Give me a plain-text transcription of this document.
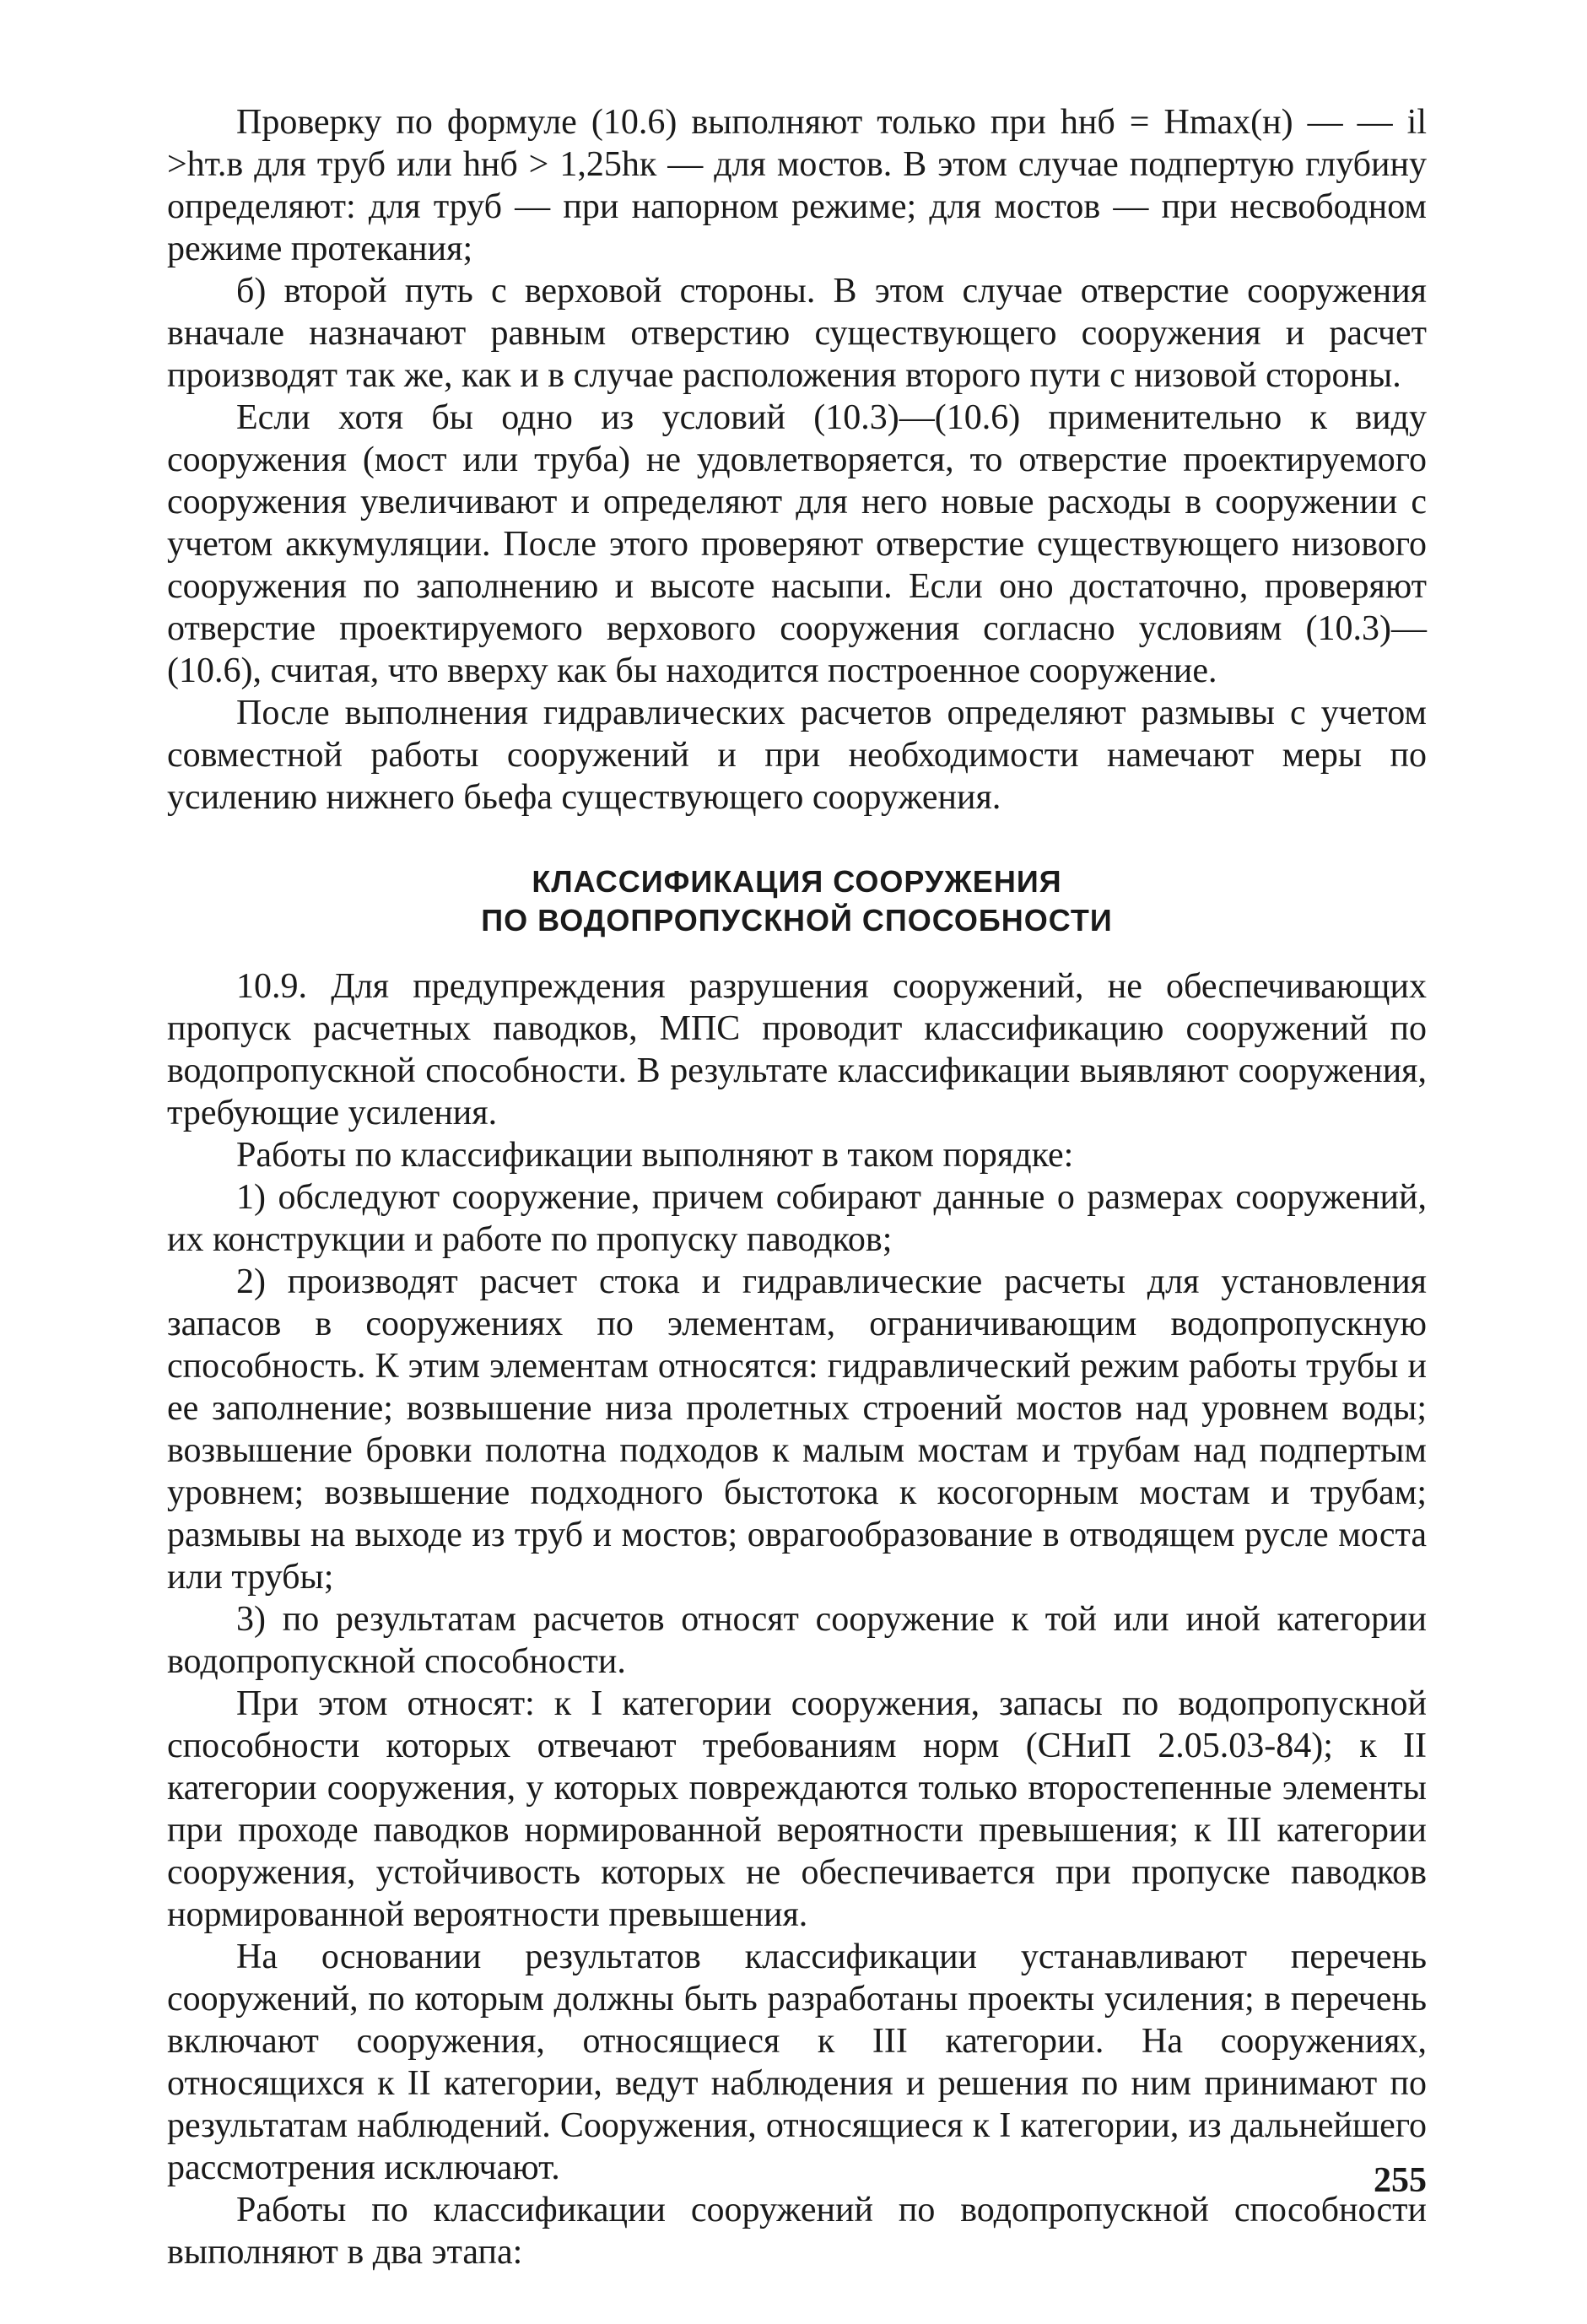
Проверку по формуле (10.6) выполняют только при hнб = Hmax(н) — — il >hт.в для труб или hнб > 1,25hк — для мостов. В этом случае подпертую глубину определяют: для труб — при напорном режиме; для мостов — при несвободном режиме протекания;

б) второй путь с верховой стороны. В этом случае отверстие сооружения вначале назначают равным отверстию существующего сооружения и расчет производят так же, как и в случае расположения второго пути с низовой стороны.

Если хотя бы одно из условий (10.3)—(10.6) применительно к виду сооружения (мост или труба) не удовлетворяется, то отверстие проектируемого сооружения увеличивают и определяют для него новые расходы в сооружении с учетом аккумуляции. После этого проверяют отверстие существующего низового сооружения по заполнению и высоте насыпи. Если оно достаточно, проверяют отверстие проектируемого верхового сооружения согласно условиям (10.3)—(10.6), считая, что вверху как бы находится построенное сооружение.

После выполнения гидравлических расчетов определяют размывы с учетом совместной работы сооружений и при необходимости намечают меры по усилению нижнего бьефа существующего сооружения.

КЛАССИФИКАЦИЯ СООРУЖЕНИЯ
ПО ВОДОПРОПУСКНОЙ СПОСОБНОСТИ

10.9. Для предупреждения разрушения сооружений, не обеспечивающих пропуск расчетных паводков, МПС проводит классификацию сооружений по водопропускной способности. В результате классификации выявляют сооружения, требующие усиления.

Работы по классификации выполняют в таком порядке:

1) обследуют сооружение, причем собирают данные о размерах сооружений, их конструкции и работе по пропуску паводков;

2) производят расчет стока и гидравлические расчеты для установления запасов в сооружениях по элементам, ограничивающим водопропускную способность. К этим элементам относятся: гидравлический режим работы трубы и ее заполнение; возвышение низа пролетных строений мостов над уровнем воды; возвышение бровки полотна подходов к малым мостам и трубам над подпертым уровнем; возвышение подходного быстотока к косогорным мостам и трубам; размывы на выходе из труб и мостов; оврагообразование в отводящем русле моста или трубы;

3) по результатам расчетов относят сооружение к той или иной категории водопропускной способности.

При этом относят: к I категории сооружения, запасы по водопропускной способности которых отвечают требованиям норм (СНиП 2.05.03-84); к II категории сооружения, у которых повреждаются только второстепенные элементы при проходе паводков нормированной вероятности превышения; к III категории сооружения, устойчивость которых не обеспечивается при пропуске паводков нормированной вероятности превышения.

На основании результатов классификации устанавливают перечень сооружений, по которым должны быть разработаны проекты усиления; в перечень включают сооружения, относящиеся к III категории. На сооружениях, относящихся к II категории, ведут наблюдения и решения по ним принимают по результатам наблюдений. Сооружения, относящиеся к I категории, из дальнейшего рассмотрения исключают.

Работы по классификации сооружений по водопропускной способности выполняют в два этапа:

255
